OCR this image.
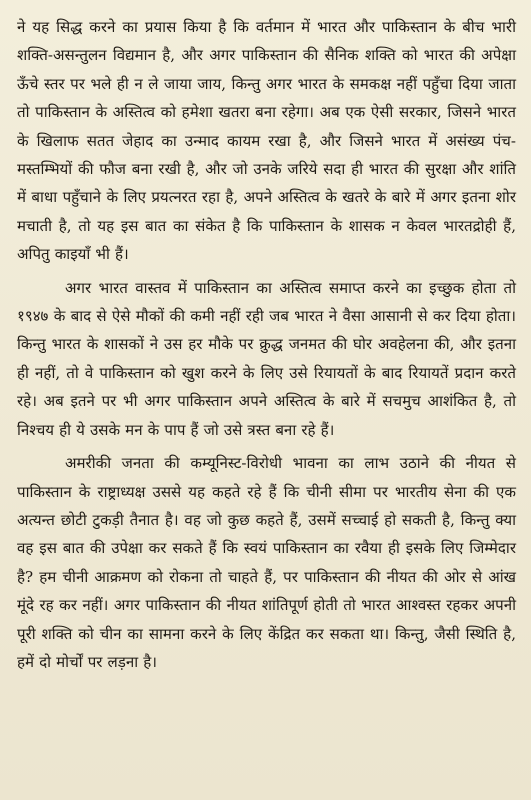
ने यह सिद्ध करने का प्रयास किया है कि वर्तमान में भारत और पाकिस्तान के बीच भारी शक्ति-असन्तुलन विद्यमान है, और अगर पाकिस्तान की सैनिक शक्ति को भारत की अपेक्षा ऊँचे स्तर पर भले ही न ले जाया जाय, किन्तु अगर भारत के समकक्ष नहीं पहुँचा दिया जाता तो पाकिस्तान के अस्तित्व को हमेशा खतरा बना रहेगा। अब एक ऐसी सरकार, जिसने भारत के खिलाफ सतत जेहाद का उन्माद कायम रखा है, और जिसने भारत में असंख्य पंच-मस्तम्भियों की फौज बना रखी है, और जो उनके जरिये सदा ही भारत की सुरक्षा और शांति में बाधा पहुँचाने के लिए प्रयत्नरत रहा है, अपने अस्तित्व के खतरे के बारे में अगर इतना शोर मचाती है, तो यह इस बात का संकेत है कि पाकिस्तान के शासक न केवल भारतद्रोही हैं, अपितु काइयाँ भी हैं।

अगर भारत वास्तव में पाकिस्तान का अस्तित्व समाप्त करने का इच्छुक होता तो १९४७ के बाद से ऐसे मौकों की कमी नहीं रही जब भारत ने वैसा आसानी से कर दिया होता। किन्तु भारत के शासकों ने उस हर मौके पर क्रुद्ध जनमत की घोर अवहेलना की, और इतना ही नहीं, तो वे पाकिस्तान को खुश करने के लिए उसे रियायतों के बाद रियायतें प्रदान करते रहे। अब इतने पर भी अगर पाकिस्तान अपने अस्तित्व के बारे में सचमुच आशंकित है, तो निश्चय ही ये उसके मन के पाप हैं जो उसे त्रस्त बना रहे हैं।

अमरीकी जनता की कम्यूनिस्ट-विरोधी भावना का लाभ उठाने की नीयत से पाकिस्तान के राष्ट्राध्यक्ष उससे यह कहते रहे हैं कि चीनी सीमा पर भारतीय सेना की एक अत्यन्त छोटी टुकड़ी तैनात है। वह जो कुछ कहते हैं, उसमें सच्चाई हो सकती है, किन्तु क्या वह इस बात की उपेक्षा कर सकते हैं कि स्वयं पाकिस्तान का रवैया ही इसके लिए जिम्मेदार है? हम चीनी आक्रमण को रोकना तो चाहते हैं, पर पाकिस्तान की नीयत की ओर से आंख मूंदे रह कर नहीं। अगर पाकिस्तान की नीयत शांतिपूर्ण होती तो भारत आश्वस्त रहकर अपनी पूरी शक्ति को चीन का सामना करने के लिए केंद्रित कर सकता था। किन्तु, जैसी स्थिति है, हमें दो मोर्चों पर लड़ना है।
